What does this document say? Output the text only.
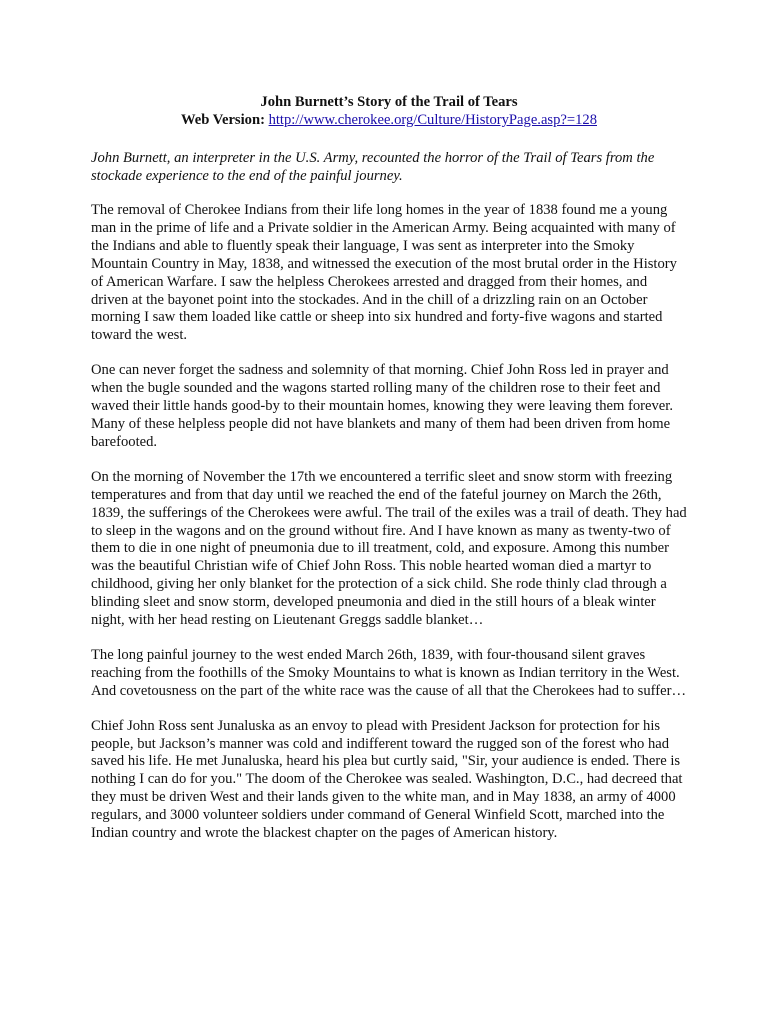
John Burnett’s Story of the Trail of Tears
Web Version: http://www.cherokee.org/Culture/HistoryPage.asp?=128

John Burnett, an interpreter in the U.S. Army, recounted the horror of the Trail of Tears from the stockade experience to the end of the painful journey.

The removal of Cherokee Indians from their life long homes in the year of 1838 found me a young man in the prime of life and a Private soldier in the American Army. Being acquainted with many of the Indians and able to fluently speak their language, I was sent as interpreter into the Smoky Mountain Country in May, 1838, and witnessed the execution of the most brutal order in the History of American Warfare. I saw the helpless Cherokees arrested and dragged from their homes, and driven at the bayonet point into the stockades. And in the chill of a drizzling rain on an October morning I saw them loaded like cattle or sheep into six hundred and forty-five wagons and started toward the west.

One can never forget the sadness and solemnity of that morning. Chief John Ross led in prayer and when the bugle sounded and the wagons started rolling many of the children rose to their feet and waved their little hands good-by to their mountain homes, knowing they were leaving them forever. Many of these helpless people did not have blankets and many of them had been driven from home barefooted.

On the morning of November the 17th we encountered a terrific sleet and snow storm with freezing temperatures and from that day until we reached the end of the fateful journey on March the 26th, 1839, the sufferings of the Cherokees were awful. The trail of the exiles was a trail of death. They had to sleep in the wagons and on the ground without fire. And I have known as many as twenty-two of them to die in one night of pneumonia due to ill treatment, cold, and exposure. Among this number was the beautiful Christian wife of Chief John Ross. This noble hearted woman died a martyr to childhood, giving her only blanket for the protection of a sick child. She rode thinly clad through a blinding sleet and snow storm, developed pneumonia and died in the still hours of a bleak winter night, with her head resting on Lieutenant Greggs saddle blanket…

The long painful journey to the west ended March 26th, 1839, with four-thousand silent graves reaching from the foothills of the Smoky Mountains to what is known as Indian territory in the West. And covetousness on the part of the white race was the cause of all that the Cherokees had to suffer…

Chief John Ross sent Junaluska as an envoy to plead with President Jackson for protection for his people, but Jackson’s manner was cold and indifferent toward the rugged son of the forest who had saved his life. He met Junaluska, heard his plea but curtly said, "Sir, your audience is ended. There is nothing I can do for you." The doom of the Cherokee was sealed. Washington, D.C., had decreed that they must be driven West and their lands given to the white man, and in May 1838, an army of 4000 regulars, and 3000 volunteer soldiers under command of General Winfield Scott, marched into the Indian country and wrote the blackest chapter on the pages of American history.
